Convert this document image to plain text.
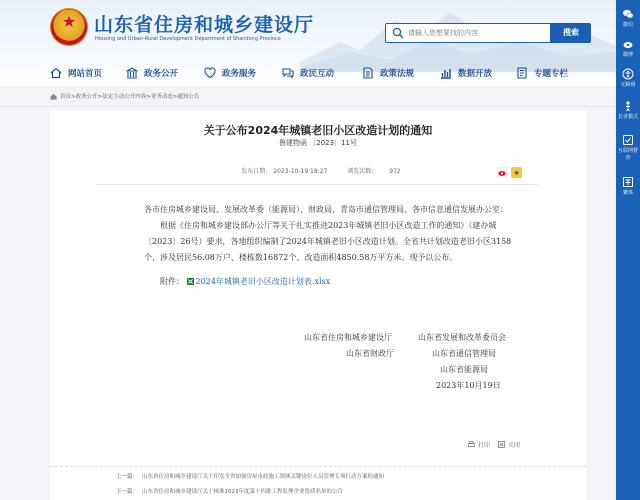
★
山东省住房和城乡建设厅
Housing and Urban-Rural Development Department of Shandong Province
请输入您想要找的内容
搜索
网站首页	政务公开	政务服务	政民互动	政策法规	数据开放	专题专栏
首页>政务公开>法定主动公开内容>业务动态>通知公告
关于公布2024年城镇老旧小区改造计划的通知
鲁建物函 〔2023〕11号
发布日期: 2023-10-19 18:27	浏览次数:	972	★

各市住房城乡建设局、发展改革委（能源局）、财政局，青岛市通信管理局、各市信息通信发展办公室：

根据《住房和城乡建设部办公厅等关于扎实推进2023年城镇老旧小区改造工作的通知》（建办城〔2023〕26号）要求，各地组织编制了2024年城镇老旧小区改造计划。全省共计划改造老旧小区3158个，涉及居民56.08万户、楼栋数16872个、改造面积4850.58万平方米。现予以公布。

附件： 2024年城镇老旧小区改造计划表.xlsx

山东省住房和城乡建设厅	山东省发展和改革委员会
山东省财政厅	山东省通信管理局
山东省能源局
2023年10月19日
打印	关闭
上一篇： 山东省住房和城乡建设厅关于印发全省加强房屋市政施工领域关键岗位人员管理专项行动方案的通知
下一篇： 山东省住房和城乡建设厅关于核准2023年度第十四批工程监理企业资质名单的公告
微信
微博
无障碍
长者模式
互联网督查
繁体
